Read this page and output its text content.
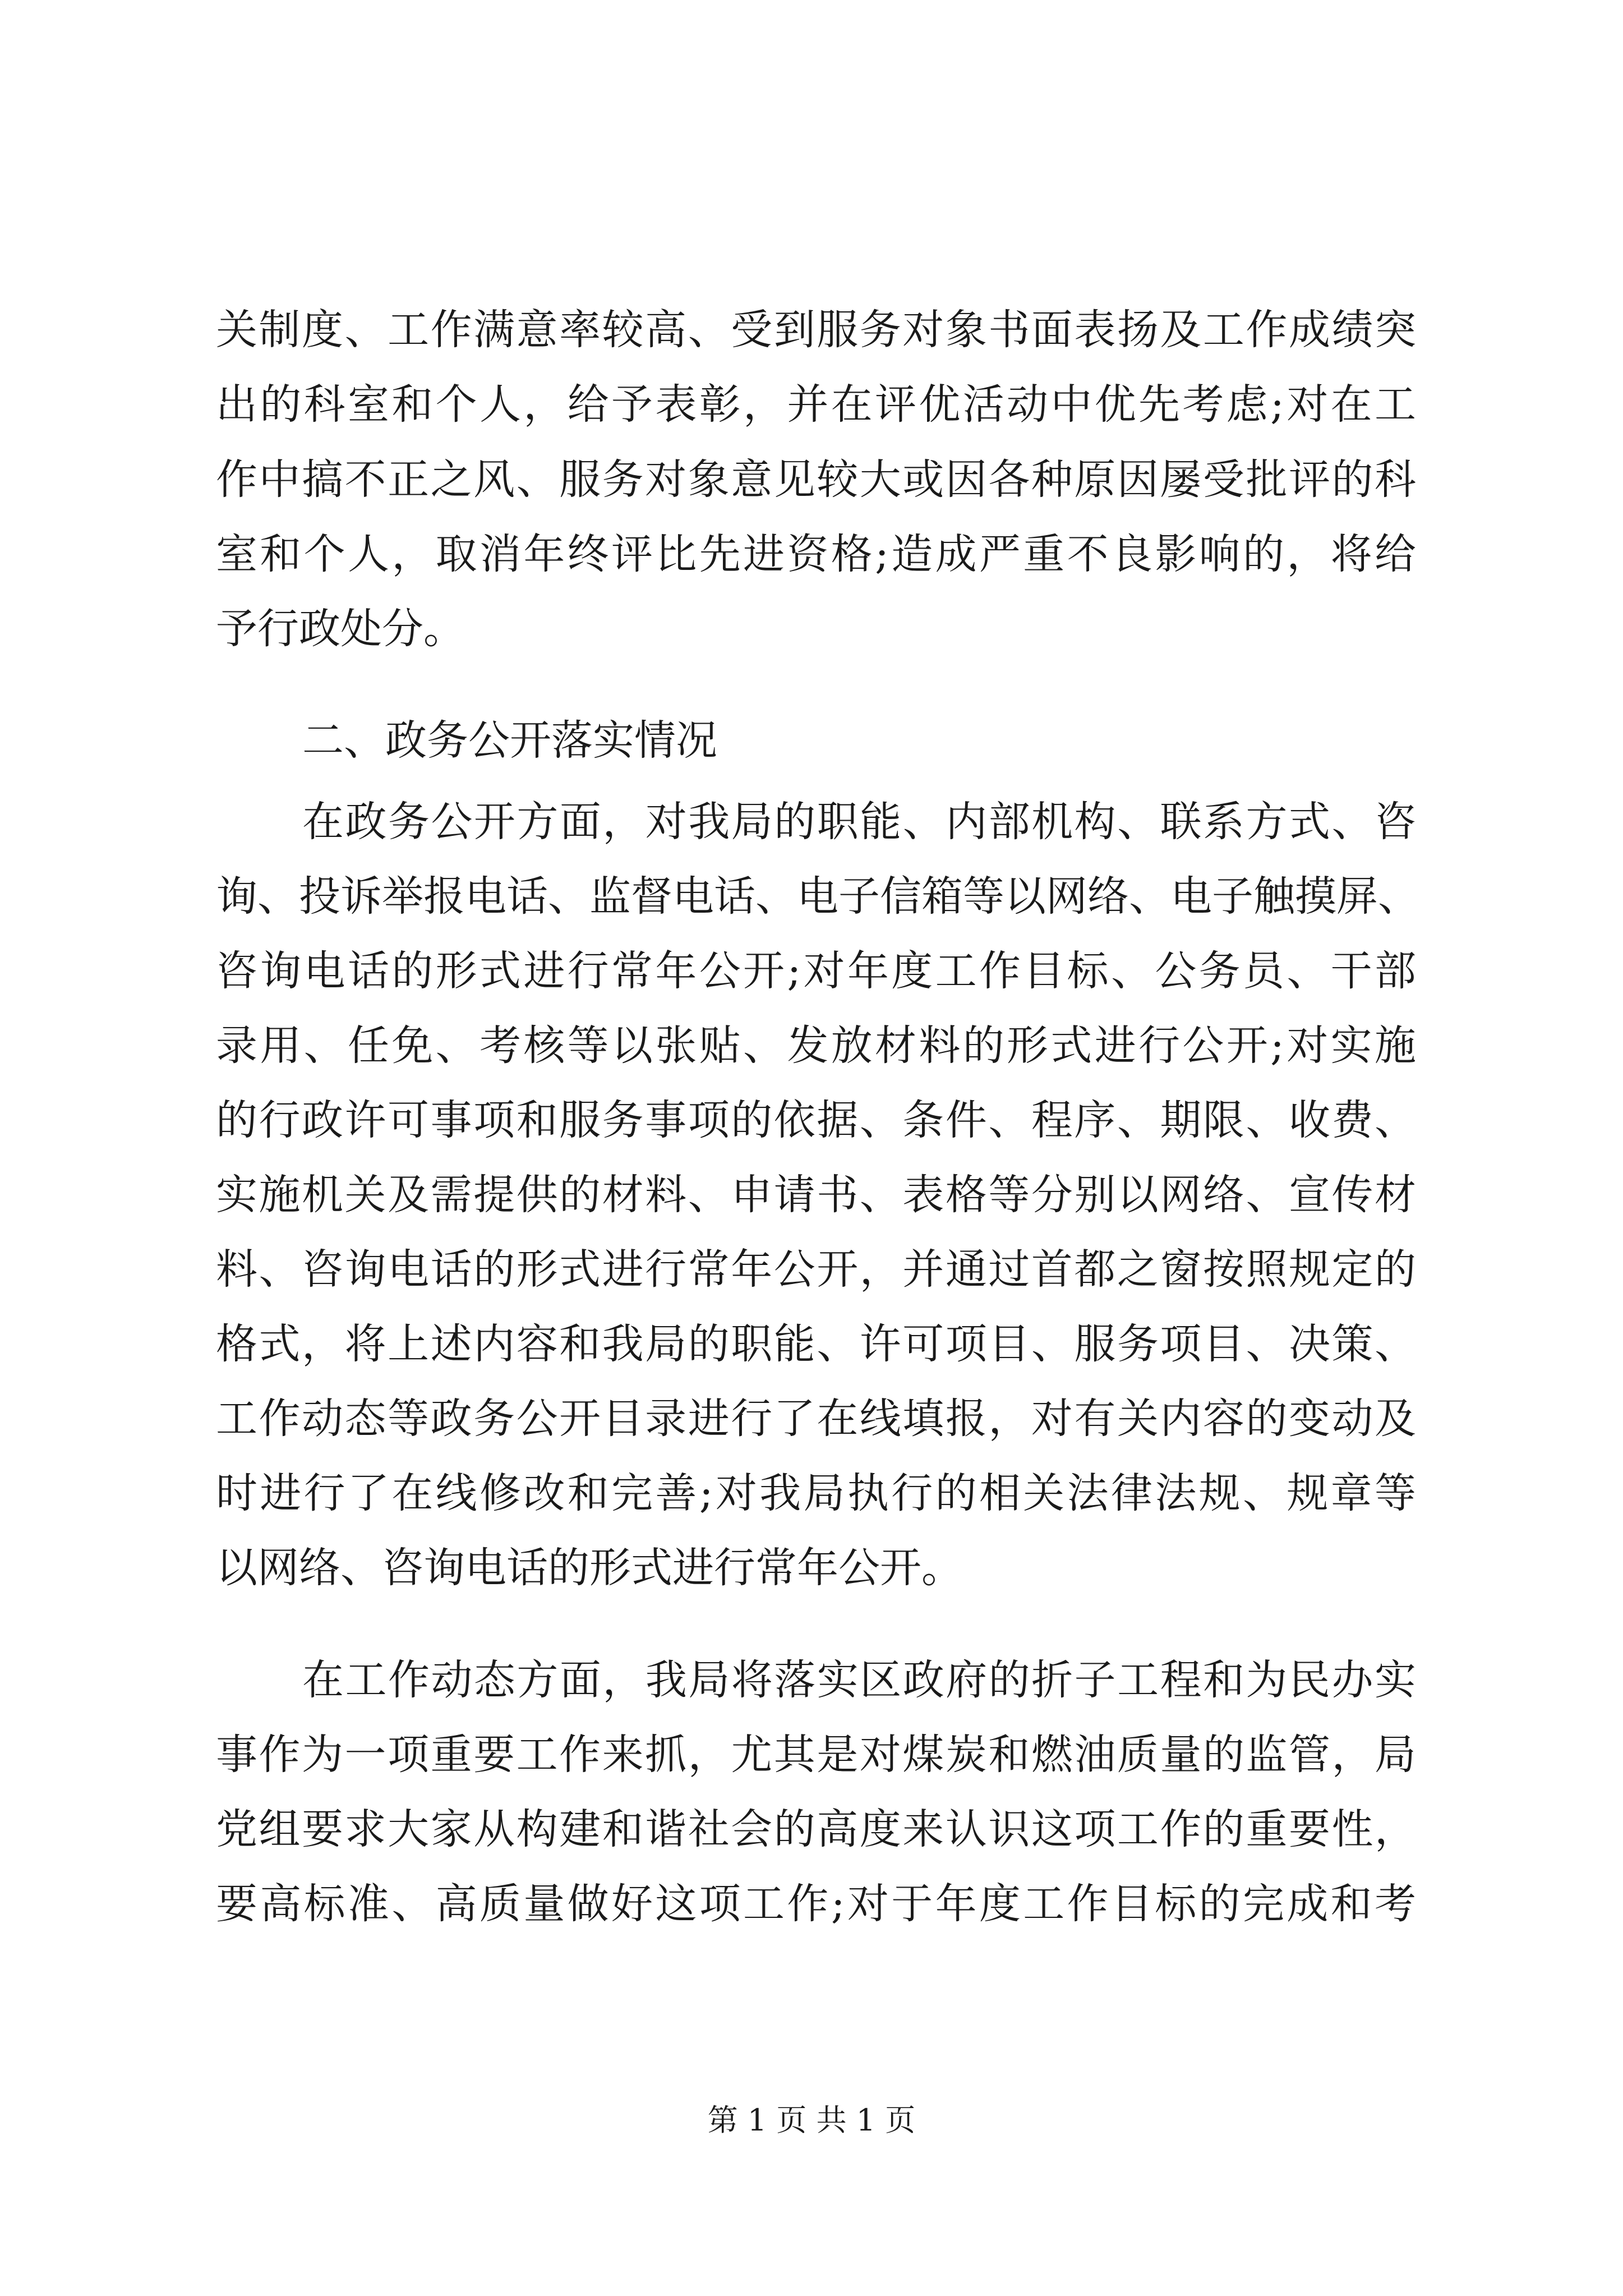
关制度、工作满意率较高、受到服务对象书面表扬及工作成绩突
出的科室和个人，给予表彰，并在评优活动中优先考虑;对在工
作中搞不正之风、服务对象意见较大或因各种原因屡受批评的科
室和个人，取消年终评比先进资格;造成严重不良影响的，将给
予行政处分。
二、政务公开落实情况
在政务公开方面，对我局的职能、内部机构、联系方式、咨
询、投诉举报电话、监督电话、电子信箱等以网络、电子触摸屏、
咨询电话的形式进行常年公开;对年度工作目标、公务员、干部
录用、任免、考核等以张贴、发放材料的形式进行公开;对实施
的行政许可事项和服务事项的依据、条件、程序、期限、收费、
实施机关及需提供的材料、申请书、表格等分别以网络、宣传材
料、咨询电话的形式进行常年公开，并通过首都之窗按照规定的
格式，将上述内容和我局的职能、许可项目、服务项目、决策、
工作动态等政务公开目录进行了在线填报，对有关内容的变动及
时进行了在线修改和完善;对我局执行的相关法律法规、规章等
以网络、咨询电话的形式进行常年公开。
在工作动态方面，我局将落实区政府的折子工程和为民办实
事作为一项重要工作来抓，尤其是对煤炭和燃油质量的监管，局
党组要求大家从构建和谐社会的高度来认识这项工作的重要性，
要高标准、高质量做好这项工作;对于年度工作目标的完成和考
第 1 页 共 1 页
